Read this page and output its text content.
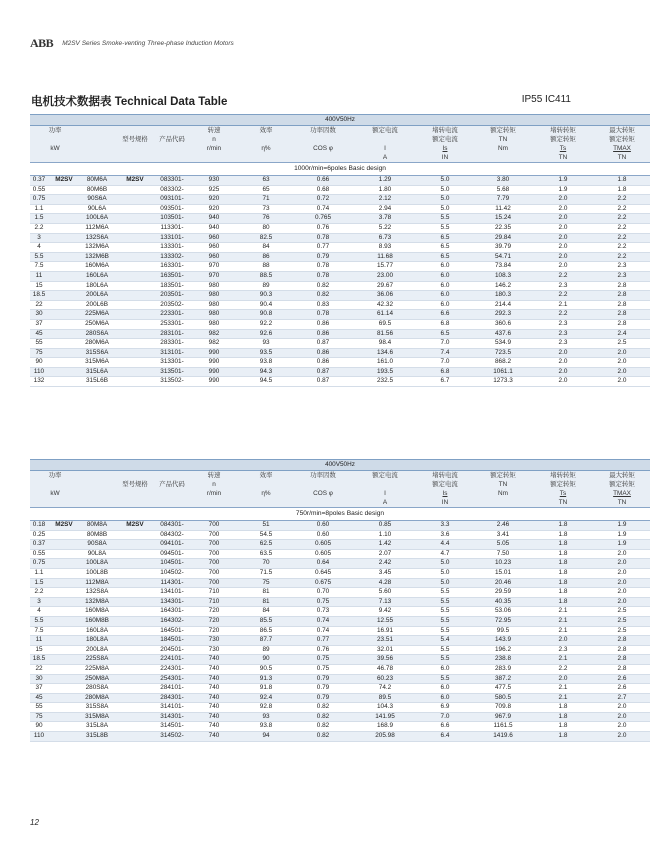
ABB M2SV Series Smoke-venting Three-phase Induction Motors
电机技术数据表 Technical Data Table	IP55 IC411
400V50Hz												
功率					转速	效率	功率因数	额定电流	堵转电流	额定转矩	堵转转矩	最大转矩
			型号规格	产品代码	n				额定电流	TN	额定转矩	额定转矩
kW					r/min	η%	COS φ	I	Is	Nm	Ts	TMAX
								A	IN		TN	TN
1000r/min=6poles Basic design												
0.37	M2SV	80M6A	M2SV	083301-	930	63	0.66	1.29	5.0	3.80	1.9	1.8
0.55		80M6B		083302-	925	65	0.68	1.80	5.0	5.68	1.9	1.8
0.75		90S6A		093101-	920	71	0.72	2.12	5.0	7.79	2.0	2.2
1.1		90L6A		093501-	920	73	0.74	2.94	5.0	11.42	2.0	2.2
1.5		100L6A		103501-	940	76	0.765	3.78	5.5	15.24	2.0	2.2
2.2		112M6A		113301-	940	80	0.76	5.22	5.5	22.35	2.0	2.2
3		132S6A		133101-	960	82.5	0.78	6.73	6.5	29.84	2.0	2.2
4		132M6A		133301-	960	84	0.77	8.93	6.5	39.79	2.0	2.2
5.5		132M6B		133302-	960	86	0.79	11.68	6.5	54.71	2.0	2.2
7.5		160M6A		163301-	970	88	0.78	15.77	6.0	73.84	2.0	2.3
11		160L6A		163501-	970	88.5	0.78	23.00	6.0	108.3	2.2	2.3
15		180L6A		183501-	980	89	0.82	29.67	6.0	146.2	2.3	2.8
18.5		200L6A		203501-	980	90.3	0.82	36.06	6.0	180.3	2.2	2.8
22		200L6B		203502-	980	90.4	0.83	42.32	6.0	214.4	2.1	2.8
30		225M6A		223301-	980	90.8	0.78	61.14	6.6	292.3	2.2	2.8
37		250M6A		253301-	980	92.2	0.86	69.5	6.8	360.6	2.3	2.8
45		280S6A		283101-	982	92.6	0.86	81.56	6.5	437.6	2.3	2.4
55		280M6A		283301-	982	93	0.87	98.4	7.0	534.9	2.3	2.5
75		315S6A		313101-	990	93.5	0.86	134.6	7.4	723.5	2.0	2.0
90		315M6A		313301-	990	93.8	0.86	161.0	7.0	868.2	2.0	2.0
110		315L6A		313501-	990	94.3	0.87	193.5	6.8	1061.1	2.0	2.0
132		315L6B		313502-	990	94.5	0.87	232.5	6.7	1273.3	2.0	2.0
400V50Hz												
功率					转速	效率	功率因数	额定电流	堵转电流	额定转矩	堵转转矩	最大转矩
			型号规格	产品代码	n				额定电流	TN	额定转矩	额定转矩
kW					r/min	η%	COS φ	I	Is	Nm	Ts	TMAX
								A	IN		TN	TN
750r/min=8poles Basic design												
0.18	M2SV	80M8A	M2SV	084301-	700	51	0.60	0.85	3.3	2.46	1.8	1.9
0.25		80M8B		084302-	700	54.5	0.60	1.10	3.6	3.41	1.8	1.9
0.37		90S8A		094101-	700	62.5	0.605	1.42	4.4	5.05	1.8	1.9
0.55		90L8A		094501-	700	63.5	0.605	2.07	4.7	7.50	1.8	2.0
0.75		100L8A		104501-	700	70	0.64	2.42	5.0	10.23	1.8	2.0
1.1		100L8B		104502-	700	71.5	0.645	3.45	5.0	15.01	1.8	2.0
1.5		112M8A		114301-	700	75	0.675	4.28	5.0	20.46	1.8	2.0
2.2		132S8A		134101-	710	81	0.70	5.60	5.5	29.59	1.8	2.0
3		132M8A		134301-	710	81	0.75	7.13	5.5	40.35	1.8	2.0
4		160M8A		164301-	720	84	0.73	9.42	5.5	53.06	2.1	2.5
5.5		160M8B		164302-	720	85.5	0.74	12.55	5.5	72.95	2.1	2.5
7.5		160L8A		164501-	720	86.5	0.74	16.91	5.5	99.5	2.1	2.5
11		180L8A		184501-	730	87.7	0.77	23.51	5.4	143.9	2.0	2.8
15		200L8A		204501-	730	89	0.76	32.01	5.5	196.2	2.3	2.8
18.5		225S8A		224101-	740	90	0.75	39.56	5.5	238.8	2.1	2.8
22		225M8A		224301-	740	90.5	0.75	46.78	6.0	283.9	2.2	2.8
30		250M8A		254301-	740	91.3	0.79	60.23	5.5	387.2	2.0	2.6
37		280S8A		284101-	740	91.8	0.79	74.2	6.0	477.5	2.1	2.6
45		280M8A		284301-	740	92.4	0.79	89.5	6.0	580.5	2.1	2.7
55		315S8A		314101-	740	92.8	0.82	104.3	6.9	709.8	1.8	2.0
75		315M8A		314301-	740	93	0.82	141.95	7.0	967.9	1.8	2.0
90		315L8A		314501-	740	93.8	0.82	168.9	6.6	1161.5	1.8	2.0
110		315L8B		314502-	740	94	0.82	205.98	6.4	1419.6	1.8	2.0
12
